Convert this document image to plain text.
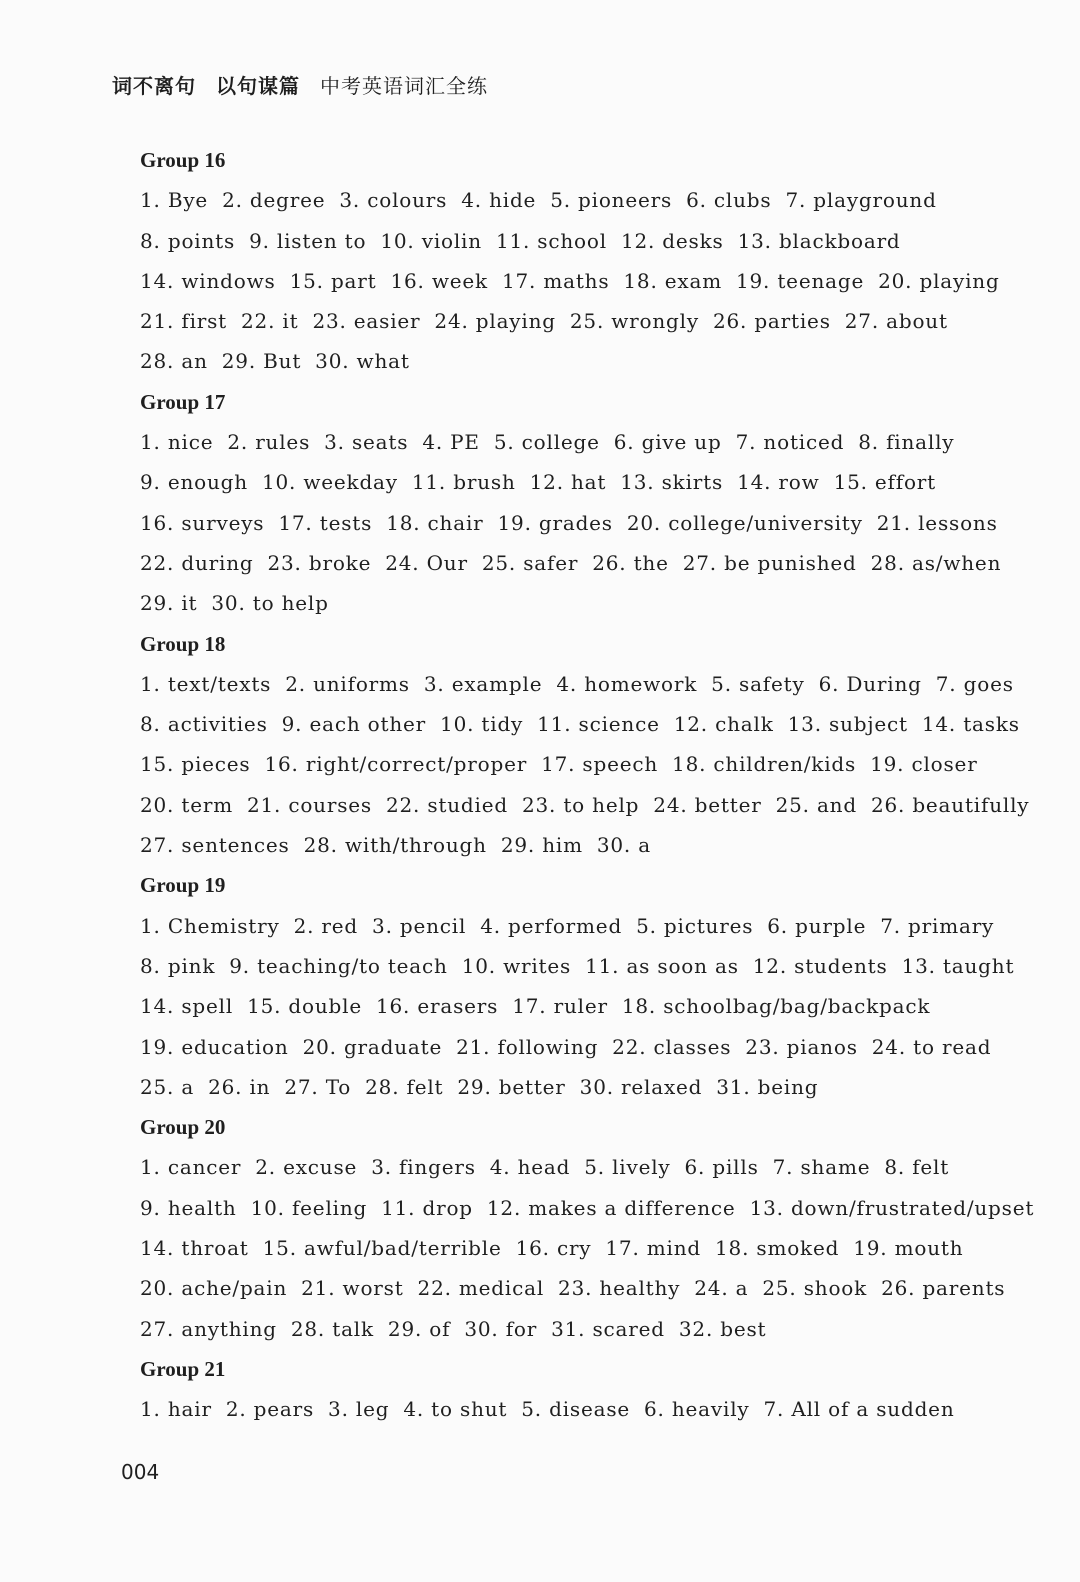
词不离句 以句谋篇 中考英语词汇全练
Group 16
1. Bye 2. degree 3. colours 4. hide 5. pioneers 6. clubs 7. playground
8. points 9. listen to 10. violin 11. school 12. desks 13. blackboard
14. windows 15. part 16. week 17. maths 18. exam 19. teenage 20. playing
21. first 22. it 23. easier 24. playing 25. wrongly 26. parties 27. about
28. an 29. But 30. what
Group 17
1. nice 2. rules 3. seats 4. PE 5. college 6. give up 7. noticed 8. finally
9. enough 10. weekday 11. brush 12. hat 13. skirts 14. row 15. effort
16. surveys 17. tests 18. chair 19. grades 20. college/university 21. lessons
22. during 23. broke 24. Our 25. safer 26. the 27. be punished 28. as/when
29. it 30. to help
Group 18
1. text/texts 2. uniforms 3. example 4. homework 5. safety 6. During 7. goes
8. activities 9. each other 10. tidy 11. science 12. chalk 13. subject 14. tasks
15. pieces 16. right/correct/proper 17. speech 18. children/kids 19. closer
20. term 21. courses 22. studied 23. to help 24. better 25. and 26. beautifully
27. sentences 28. with/through 29. him 30. a
Group 19
1. Chemistry 2. red 3. pencil 4. performed 5. pictures 6. purple 7. primary
8. pink 9. teaching/to teach 10. writes 11. as soon as 12. students 13. taught
14. spell 15. double 16. erasers 17. ruler 18. schoolbag/bag/backpack
19. education 20. graduate 21. following 22. classes 23. pianos 24. to read
25. a 26. in 27. To 28. felt 29. better 30. relaxed 31. being
Group 20
1. cancer 2. excuse 3. fingers 4. head 5. lively 6. pills 7. shame 8. felt
9. health 10. feeling 11. drop 12. makes a difference 13. down/frustrated/upset
14. throat 15. awful/bad/terrible 16. cry 17. mind 18. smoked 19. mouth
20. ache/pain 21. worst 22. medical 23. healthy 24. a 25. shook 26. parents
27. anything 28. talk 29. of 30. for 31. scared 32. best
Group 21
1. hair 2. pears 3. leg 4. to shut 5. disease 6. heavily 7. All of a sudden
004
